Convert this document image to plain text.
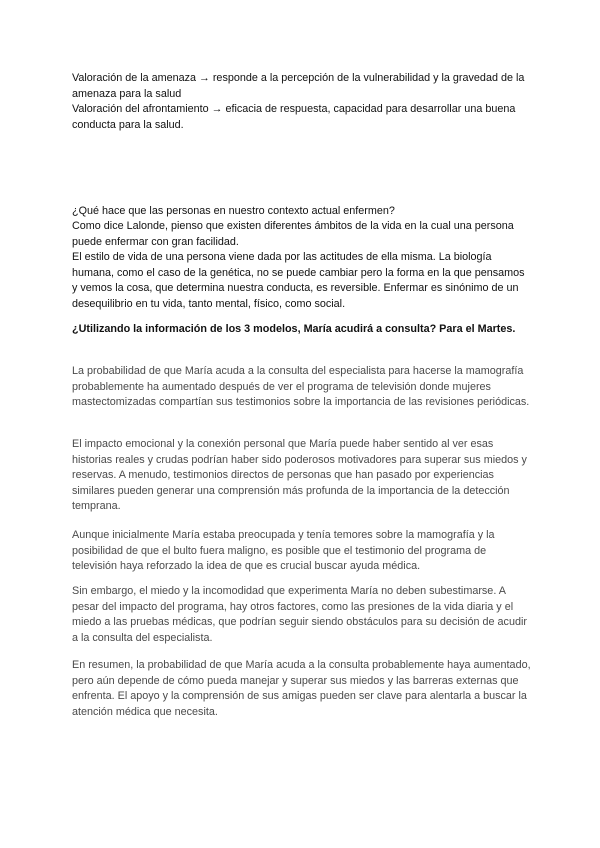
Valoración de la amenaza → responde a la percepción de la vulnerabilidad y la gravedad de la amenaza para la salud

Valoración del afrontamiento → eficacia de respuesta, capacidad para desarrollar una buena conducta para la salud.

¿Qué hace que las personas en nuestro contexto actual enfermen?

Como dice Lalonde, pienso que existen diferentes ámbitos de la vida en la cual una persona puede enfermar con gran facilidad.

El estilo de vida de una persona viene dada por las actitudes de ella misma. La biología humana, como el caso de la genética, no se puede cambiar pero la forma en la que pensamos y vemos la cosa, que determina nuestra conducta, es reversible. Enfermar es sinónimo de un desequilibrio en tu vida, tanto mental, físico, como social.

¿Utilizando la información de los 3 modelos, María acudirá a consulta? Para el Martes.

La probabilidad de que María acuda a la consulta del especialista para hacerse la mamografía probablemente ha aumentado después de ver el programa de televisión donde mujeres mastectomizadas compartían sus testimonios sobre la importancia de las revisiones periódicas.

El impacto emocional y la conexión personal que María puede haber sentido al ver esas historias reales y crudas podrían haber sido poderosos motivadores para superar sus miedos y reservas. A menudo, testimonios directos de personas que han pasado por experiencias similares pueden generar una comprensión más profunda de la importancia de la detección temprana.

Aunque inicialmente María estaba preocupada y tenía temores sobre la mamografía y la posibilidad de que el bulto fuera maligno, es posible que el testimonio del programa de televisión haya reforzado la idea de que es crucial buscar ayuda médica.

Sin embargo, el miedo y la incomodidad que experimenta María no deben subestimarse. A pesar del impacto del programa, hay otros factores, como las presiones de la vida diaria y el miedo a las pruebas médicas, que podrían seguir siendo obstáculos para su decisión de acudir a la consulta del especialista.

En resumen, la probabilidad de que María acuda a la consulta probablemente haya aumentado, pero aún depende de cómo pueda manejar y superar sus miedos y las barreras externas que enfrenta. El apoyo y la comprensión de sus amigas pueden ser clave para alentarla a buscar la atención médica que necesita.
